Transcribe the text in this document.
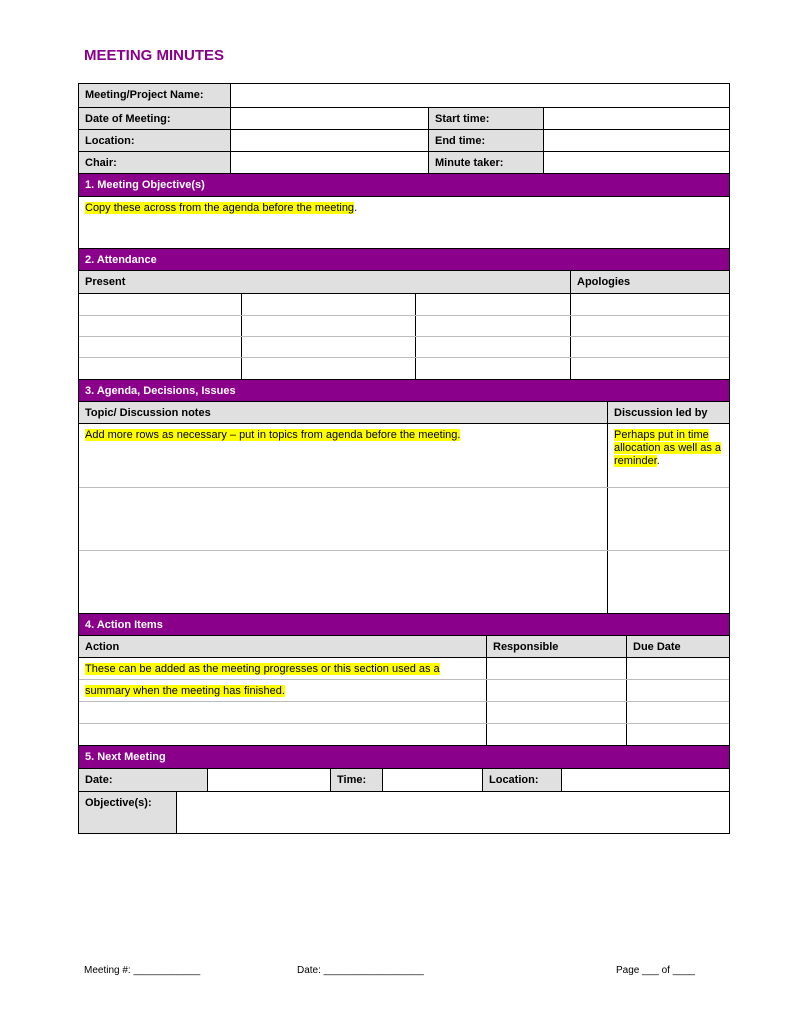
MEETING MINUTES
Meeting/Project Name:
Date of Meeting:	Start time:
Location:	End time:
Chair:	Minute taker:
1. Meeting Objective(s)
Copy these across from the agenda before the meeting.
2. Attendance
Present	Apologies
3. Agenda, Decisions, Issues
Topic/ Discussion notes	Discussion led by
Add more rows as necessary – put in topics from agenda before the meeting.	Perhaps put in time allocation as well as a reminder.
4. Action Items
Action	Responsible	Due Date
These can be added as the meeting progresses or this section used as a
summary when the meeting has finished.
5. Next Meeting
Date:	Time:	Location:
Objective(s):
Meeting #: ____________	Date: __________________	Page ___ of ____
